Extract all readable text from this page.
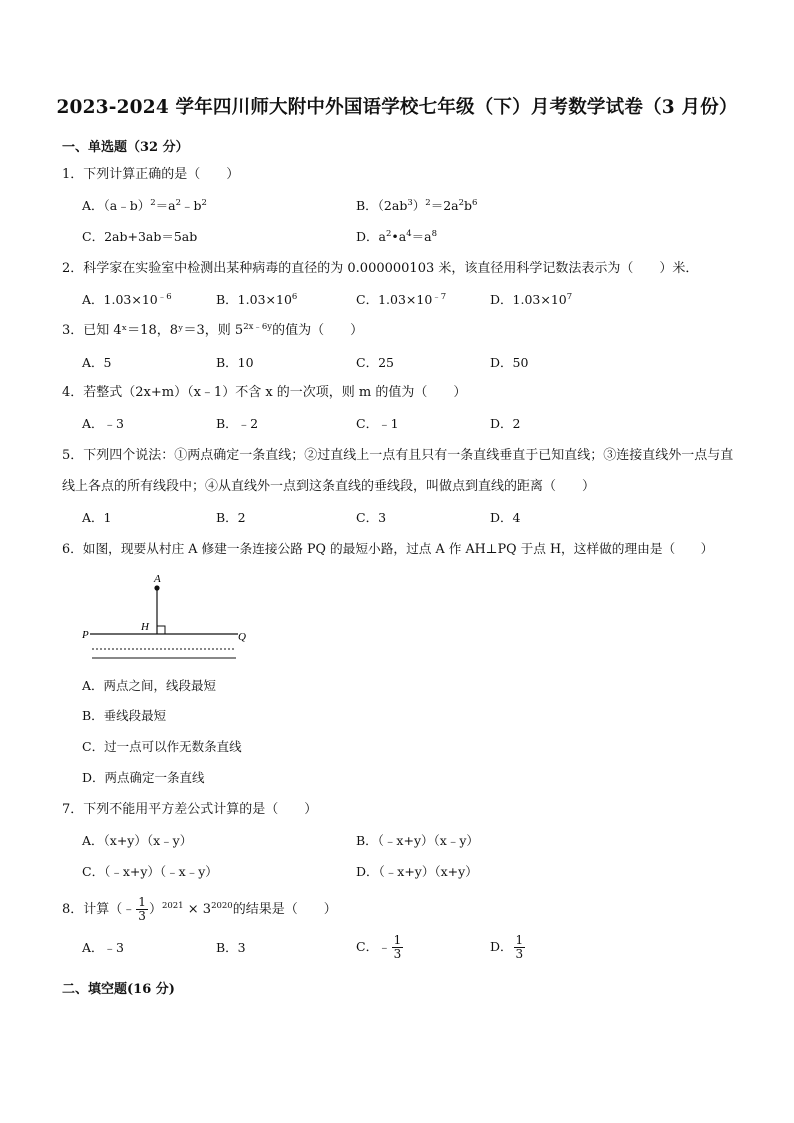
2023-2024 学年四川师大附中外国语学校七年级（下）月考数学试卷（3 月份）
一、单选题（32 分）
1．下列计算正确的是（　　）
A．$(a﹣b)^2=a^2﹣b^2$	B．$(2ab^3)^2=2a^2b^6$
C．2ab+3ab＝5ab	D．$a^2•a^4=a^8$
2．科学家在实验室中检测出某种病毒的直径的为 0.000000103 米，该直径用科学记数法表示为（　　）米．
A．$1.03\times 10^{﹣6}$	B．$1.03\times 10^6$	C．$1.03\times 10^{﹣7}$	D．$1.03\times 10^7$
3．已知 4ˣ＝18，8ʸ＝3，则 $5^{2x﹣6y}$的值为（　　）
A．5	B．10	C．25	D．50
4．若整式（2x+m）（x﹣1）不含 x 的一次项，则 m 的值为（　　）
A．﹣3	B．﹣2	C．﹣1	D．2
5．下列四个说法：①两点确定一条直线；②过直线上一点有且只有一条直线垂直于已知直线；③连接直线外一点与直线上各点的所有线段中；④从直线外一点到这条直线的垂线段，叫做点到直线的距离（　　）
A．1	B．2	C．3	D．4
6．如图，现要从村庄 A 修建一条连接公路 PQ 的最短小路，过点 A 作 AH⊥PQ 于点 H，这样做的理由是（　　）
A
H
P	Q
A．两点之间，线段最短
B．垂线段最短
C．过一点可以作无数条直线
D．两点确定一条直线
7．下列不能用平方差公式计算的是（　　）
A．（x+y）（x﹣y）	B．（﹣x+y）（x﹣y）
C．（﹣x+y）（﹣x﹣y）	D．（﹣x+y）（x+y）
8．计算（﹣ $\frac{1}{3} )^{2021} \times 3^{2020}$的结果是（　　）
A．﹣3	B．3	C．﹣ $\frac{1}{3}$	D． $\frac{1}{3}$
二、填空题(16 分)
